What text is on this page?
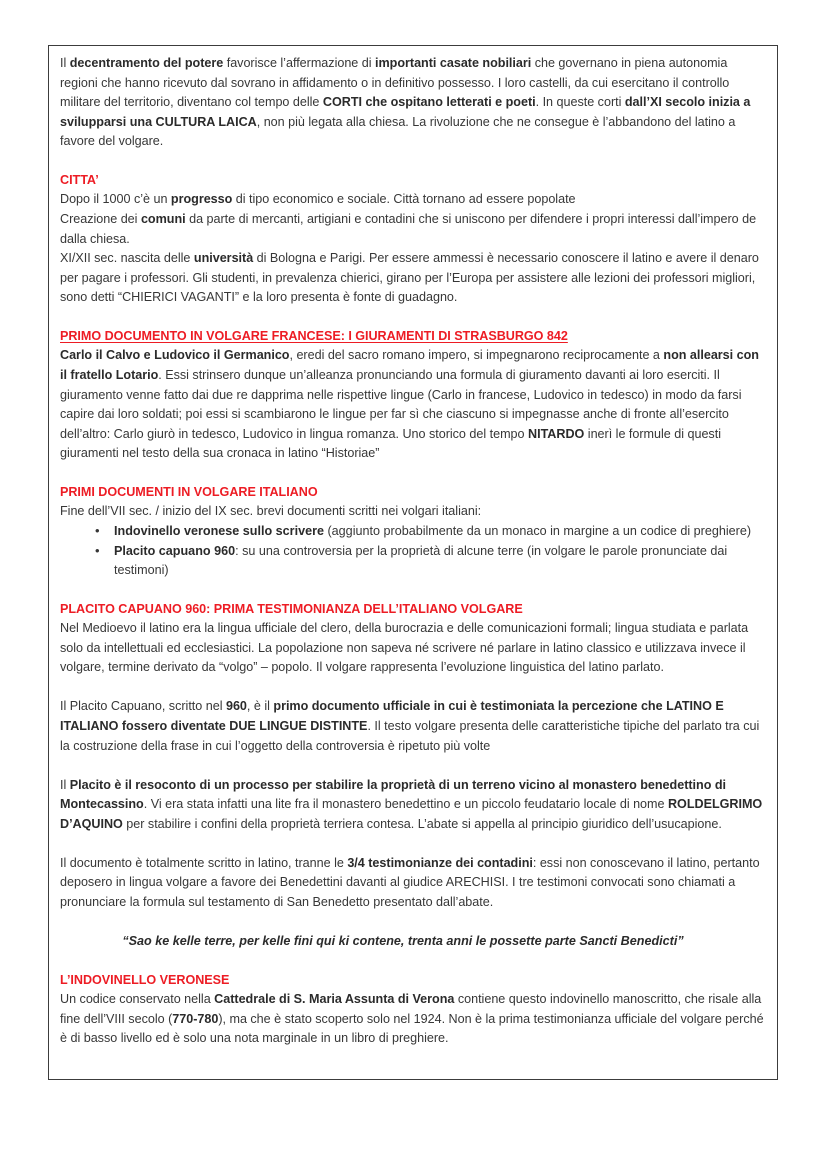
Il decentramento del potere favorisce l’affermazione di importanti casate nobiliari che governano in piena autonomia regioni che hanno ricevuto dal sovrano in affidamento o in definitivo possesso. I loro castelli, da cui esercitano il controllo militare del territorio, diventano col tempo delle CORTI che ospitano letterati e poeti. In queste corti dall’XI secolo inizia a svilupparsi una CULTURA LAICA, non più legata alla chiesa. La rivoluzione che ne consegue è l’abbandono del latino a favore del volgare.

CITTA’

Dopo il 1000 c’è un progresso di tipo economico e sociale. Città tornano ad essere popolate

Creazione dei comuni da parte di mercanti, artigiani e contadini che si uniscono per difendere i propri interessi dall’impero de dalla chiesa.

XI/XII sec. nascita delle università di Bologna e Parigi. Per essere ammessi è necessario conoscere il latino e avere il denaro per pagare i professori. Gli studenti, in prevalenza chierici, girano per l’Europa per assistere alle lezioni dei professori migliori, sono detti “CHIERICI VAGANTI” e la loro presenta è fonte di guadagno.

PRIMO DOCUMENTO IN VOLGARE FRANCESE: I GIURAMENTI DI STRASBURGO 842

Carlo il Calvo e Ludovico il Germanico, eredi del sacro romano impero, si impegnarono reciprocamente a non allearsi con il fratello Lotario. Essi strinsero dunque un’alleanza pronunciando una formula di giuramento davanti ai loro eserciti. Il giuramento venne fatto dai due re dapprima nelle rispettive lingue (Carlo in francese, Ludovico in tedesco) in modo da farsi capire dai loro soldati; poi essi si scambiarono le lingue per far sì che ciascuno si impegnasse anche di fronte all’esercito dell’altro: Carlo giurò in tedesco, Ludovico in lingua romanza. Uno storico del tempo NITARDO inerì le formule di questi giuramenti nel testo della sua cronaca in latino “Historiae”

PRIMI DOCUMENTI IN VOLGARE ITALIANO

Fine dell’VII sec. / inizio del IX sec. brevi documenti scritti nei volgari italiani:

• Indovinello veronese sullo scrivere (aggiunto probabilmente da un monaco in margine a un codice di preghiere)
• Placito capuano 960: su una controversia per la proprietà di alcune terre (in volgare le parole pronunciate dai testimoni)

PLACITO CAPUANO 960: PRIMA TESTIMONIANZA DELL’ITALIANO VOLGARE

Nel Medioevo il latino era la lingua ufficiale del clero, della burocrazia e delle comunicazioni formali; lingua studiata e parlata solo da intellettuali ed ecclesiastici. La popolazione non sapeva né scrivere né parlare in latino classico e utilizzava invece il volgare, termine derivato da “volgo” – popolo. Il volgare rappresenta l’evoluzione linguistica del latino parlato.

Il Placito Capuano, scritto nel 960, è il primo documento ufficiale in cui è testimoniata la percezione che LATINO E ITALIANO fossero diventate DUE LINGUE DISTINTE. Il testo volgare presenta delle caratteristiche tipiche del parlato tra cui la costruzione della frase in cui l’oggetto della controversia è ripetuto più volte

Il Placito è il resoconto di un processo per stabilire la proprietà di un terreno vicino al monastero benedettino di Montecassino. Vi era stata infatti una lite fra il monastero benedettino e un piccolo feudatario locale di nome ROLDELGRIMO D’AQUINO per stabilire i confini della proprietà terriera contesa. L’abate si appella al principio giuridico dell’usucapione.

Il documento è totalmente scritto in latino, tranne le 3/4 testimonianze dei contadini: essi non conoscevano il latino, pertanto deposero in lingua volgare a favore dei Benedettini davanti al giudice ARECHISI. I tre testimoni convocati sono chiamati a pronunciare la formula sul testamento di San Benedetto presentato dall’abate.

“Sao ke kelle terre, per kelle fini qui ki contene, trenta anni le possette parte Sancti Benedicti”

L’INDOVINELLO VERONESE

Un codice conservato nella Cattedrale di S. Maria Assunta di Verona contiene questo indovinello manoscritto, che risale alla fine dell’VIII secolo (770-780), ma che è stato scoperto solo nel 1924. Non è la prima testimonianza ufficiale del volgare perché è di basso livello ed è solo una nota marginale in un libro di preghiere.
